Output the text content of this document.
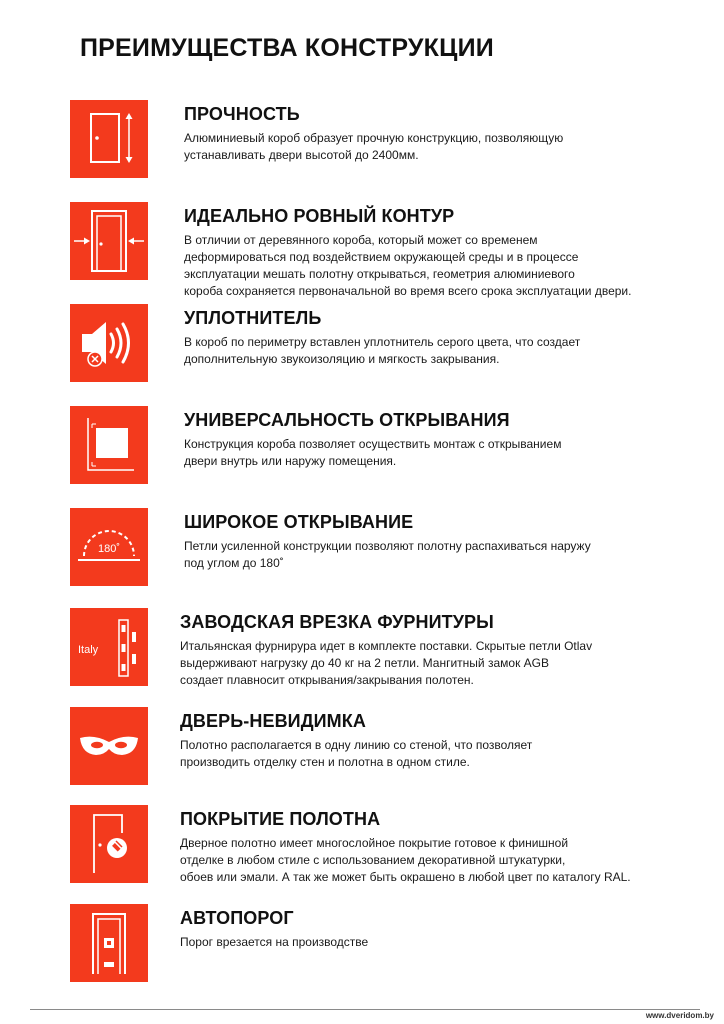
ПРЕИМУЩЕСТВА КОНСТРУКЦИИ
ПРОЧНОСТЬ
Алюминиевый короб образует прочную конструкцию, позволяющую
устанавливать двери высотой до 2400мм.
ИДЕАЛЬНО РОВНЫЙ КОНТУР
В отличии от деревянного короба, который может со временем
деформироваться под воздействием окружающей среды и в процессе
эксплуатации мешать полотну открываться, геометрия алюминиевого
короба сохраняется первоначальной во время всего срока эксплуатации двери.
УПЛОТНИТЕЛЬ
В короб по периметру вставлен уплотнитель серого цвета, что создает
дополнительную звукоизоляцию и мягкость закрывания.
УНИВЕРСАЛЬНОСТЬ ОТКРЫВАНИЯ
Конструкция короба позволяет осуществить монтаж с открыванием
двери внутрь или наружу помещения.
180˚
ШИРОКОЕ ОТКРЫВАНИЕ
Петли усиленной конструкции позволяют полотну распахиваться наружу
под углом до 180˚
Italy
ЗАВОДСКАЯ ВРЕЗКА ФУРНИТУРЫ
Итальянская фурнирура идет в комплекте поставки. Скрытые петли Otlav
выдерживают нагрузку до 40 кг на 2 петли. Мангитный замок AGB
создает плавносит открывания/закрывания полотен.
ДВЕРЬ-НЕВИДИМКА
Полотно располагается в одну линию со стеной, что позволяет
производить отделку стен и полотна в одном стиле.
ПОКРЫТИЕ ПОЛОТНА
Дверное полотно имеет многослойное покрытие готовое к финишной
отделке в любом стиле с использованием декоративной штукатурки,
обоев или эмали. А так же может быть окрашено в любой цвет по каталогу RAL.
АВТОПОРОГ
Порог врезается на производстве
www.dveridom.by
